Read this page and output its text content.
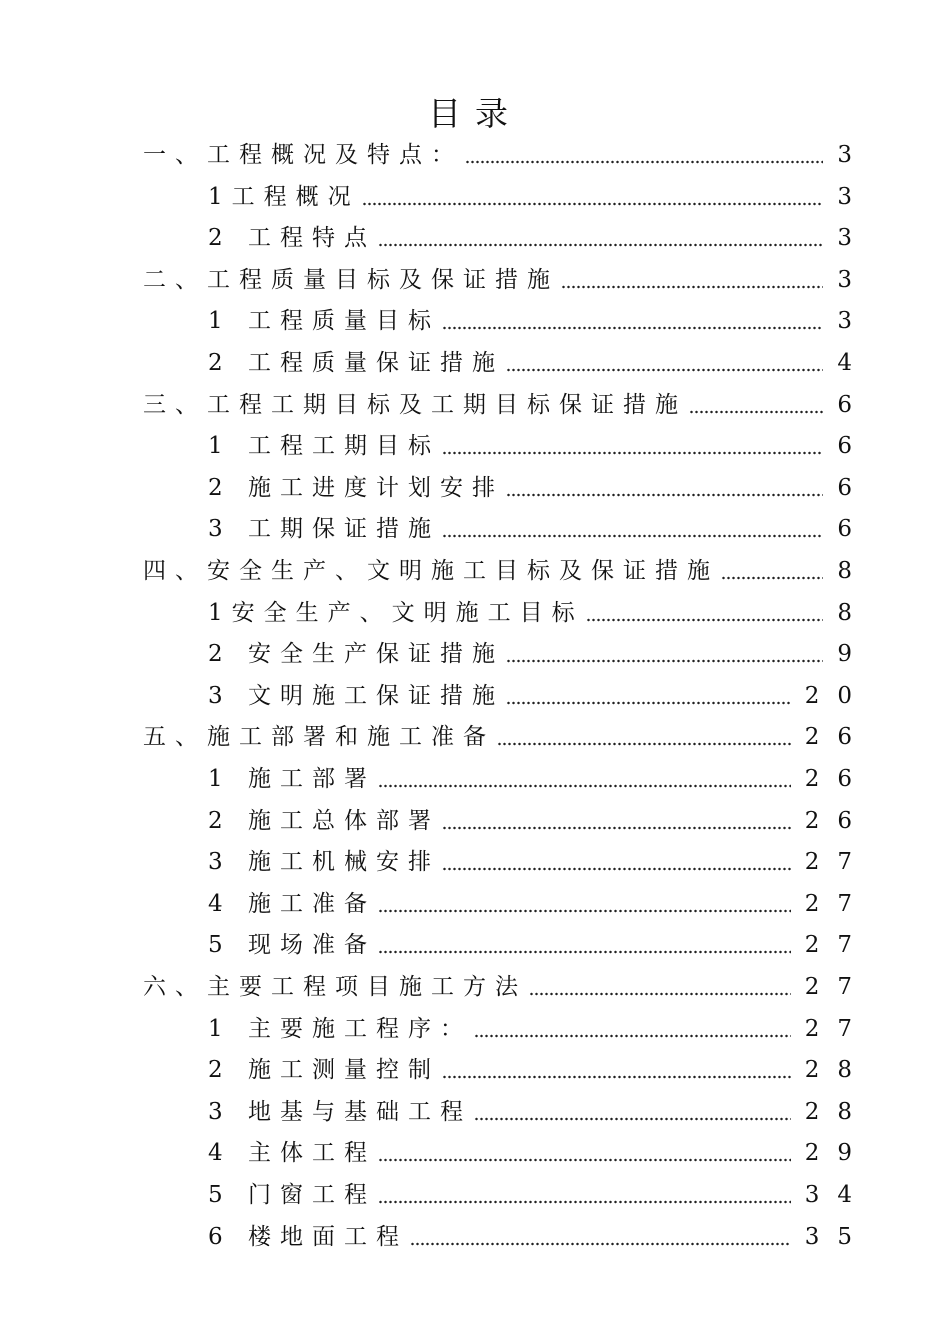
目录
一、工程概况及特点：	3
1工程概况	3
2 工程特点	3
二、工程质量目标及保证措施	3
1 工程质量目标	3
2 工程质量保证措施	4
三、工程工期目标及工期目标保证措施	6
1 工程工期目标	6
2 施工进度计划安排	6
3 工期保证措施	6
四、安全生产、文明施工目标及保证措施	8
1安全生产、文明施工目标	8
2 安全生产保证措施	9
3 文明施工保证措施	20
五、施工部署和施工准备	26
1 施工部署	26
2 施工总体部署	26
3 施工机械安排	27
4 施工准备	27
5 现场准备	27
六、主要工程项目施工方法	27
1 主要施工程序：	27
2 施工测量控制	28
3 地基与基础工程	28
4 主体工程	29
5 门窗工程	34
6 楼地面工程	35
